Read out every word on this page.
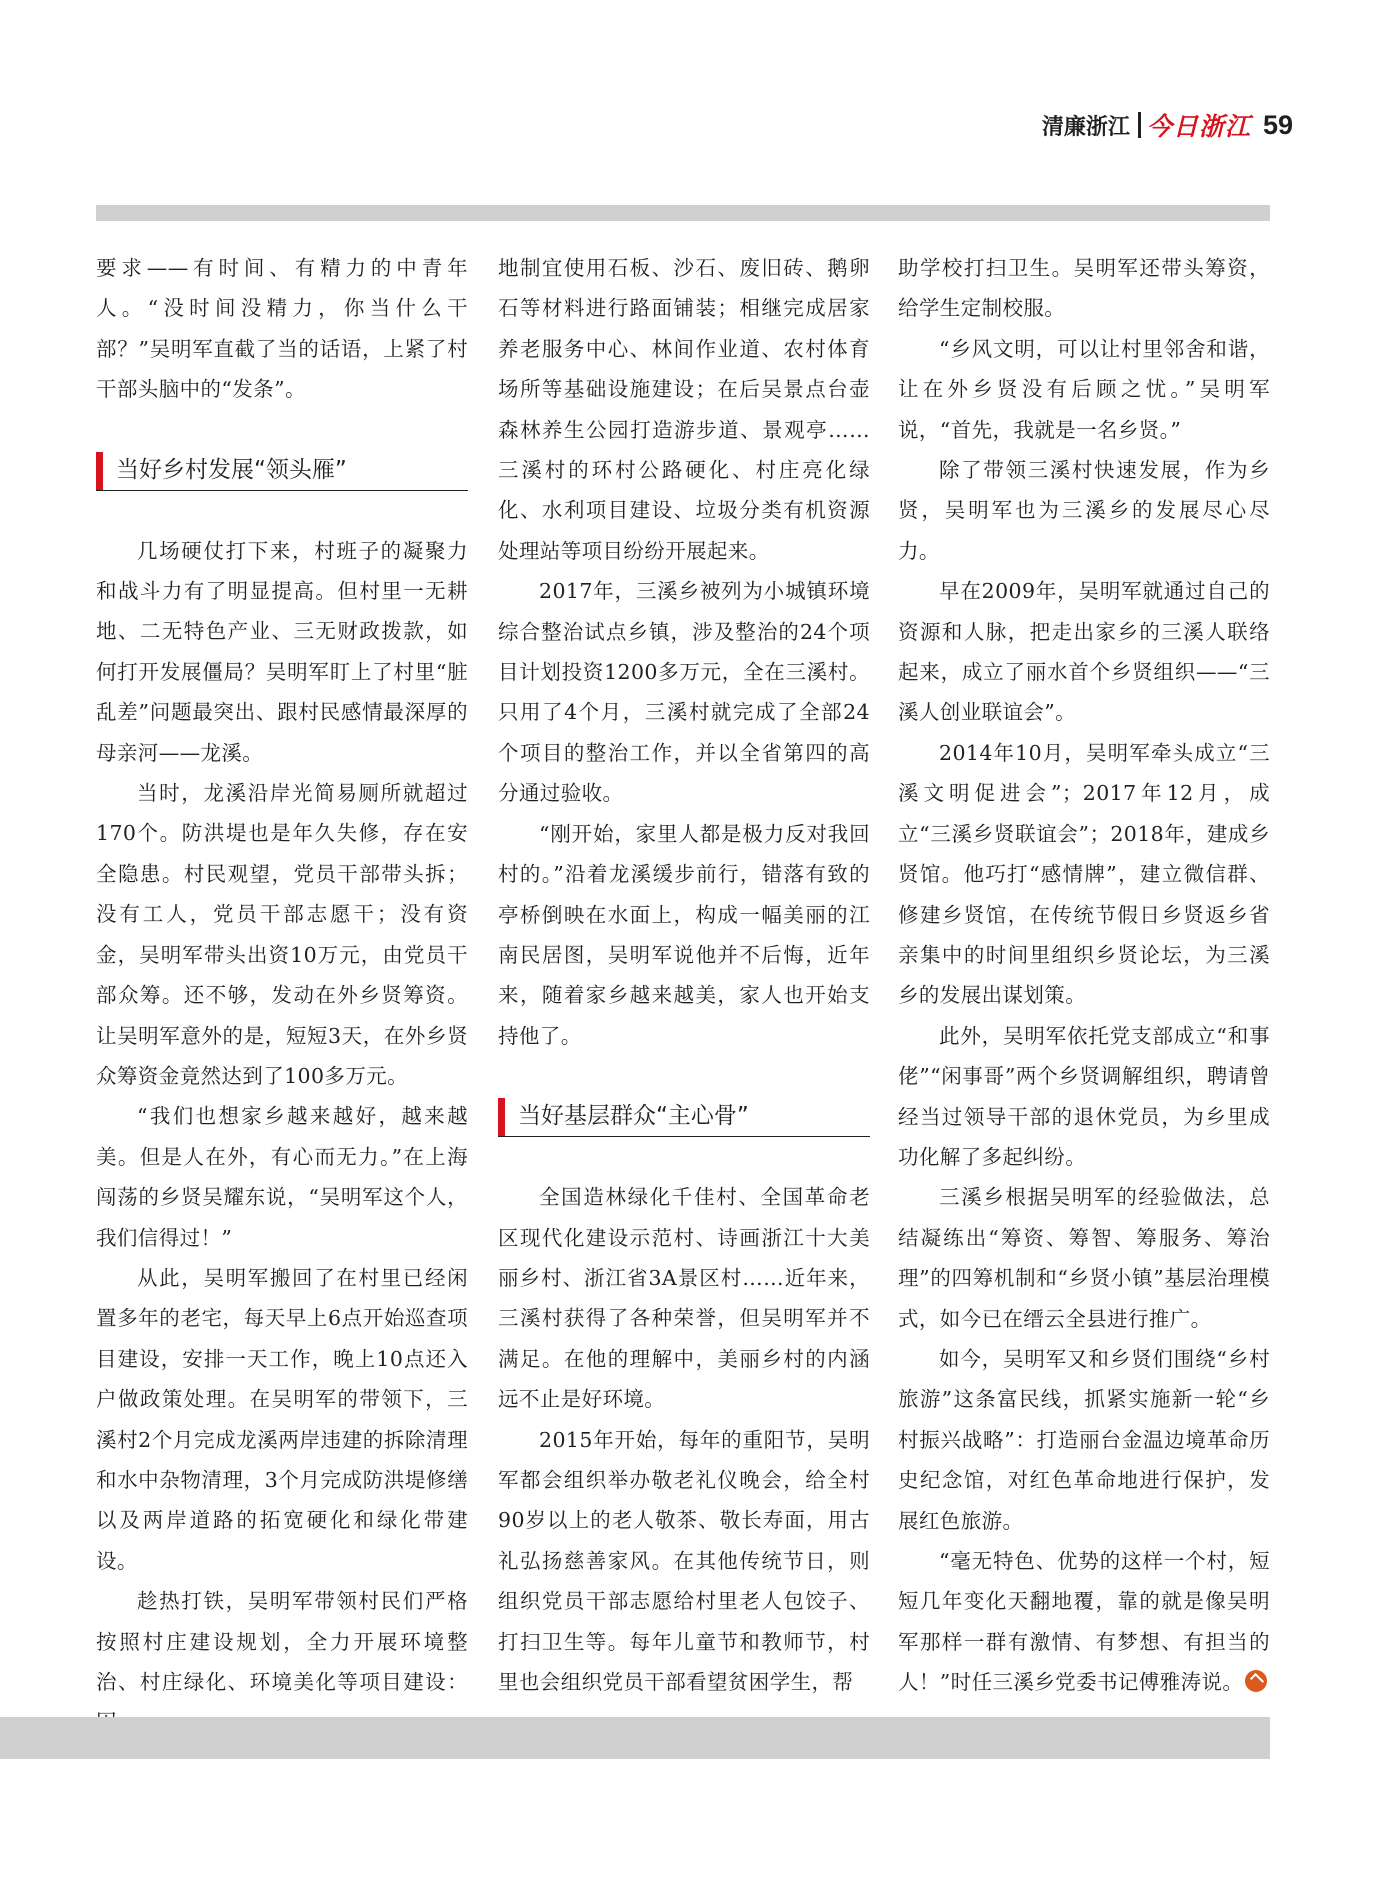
清廉浙江 今日浙江 59

要求——有时间、有精力的中青年人。“没时间没精力，你当什么干部？”吴明军直截了当的话语，上紧了村干部头脑中的“发条”。

当好乡村发展“领头雁”

几场硬仗打下来，村班子的凝聚力和战斗力有了明显提高。但村里一无耕地、二无特色产业、三无财政拨款，如何打开发展僵局？吴明军盯上了村里“脏乱差”问题最突出、跟村民感情最深厚的母亲河——龙溪。

当时，龙溪沿岸光简易厕所就超过170个。防洪堤也是年久失修，存在安全隐患。村民观望，党员干部带头拆；没有工人，党员干部志愿干；没有资金，吴明军带头出资10万元，由党员干部众筹。还不够，发动在外乡贤筹资。让吴明军意外的是，短短3天，在外乡贤众筹资金竟然达到了100多万元。

“我们也想家乡越来越好，越来越美。但是人在外，有心而无力。”在上海闯荡的乡贤吴耀东说，“吴明军这个人，我们信得过！”

从此，吴明军搬回了在村里已经闲置多年的老宅，每天早上6点开始巡查项目建设，安排一天工作，晚上10点还入户做政策处理。在吴明军的带领下，三溪村2个月完成龙溪两岸违建的拆除清理和水中杂物清理，3个月完成防洪堤修缮以及两岸道路的拓宽硬化和绿化带建设。

趁热打铁，吴明军带领村民们严格按照村庄建设规划，全力开展环境整治、村庄绿化、环境美化等项目建设：

地制宜使用石板、沙石、废旧砖、鹅卵石等材料进行路面铺装；相继完成居家养老服务中心、林间作业道、农村体育场所等基础设施建设；在后吴景点台壶森林养生公园打造游步道、景观亭……三溪村的环村公路硬化、村庄亮化绿化、水利项目建设、垃圾分类有机资源处理站等项目纷纷开展起来。

2017年，三溪乡被列为小城镇环境综合整治试点乡镇，涉及整治的24个项目计划投资1200多万元，全在三溪村。只用了4个月，三溪村就完成了全部24个项目的整治工作，并以全省第四的高分通过验收。

“刚开始，家里人都是极力反对我回村的。”沿着龙溪缓步前行，错落有致的亭桥倒映在水面上，构成一幅美丽的江南民居图，吴明军说他并不后悔，近年来，随着家乡越来越美，家人也开始支持他了。

当好基层群众“主心骨”

全国造林绿化千佳村、全国革命老区现代化建设示范村、诗画浙江十大美丽乡村、浙江省3A景区村……近年来，三溪村获得了各种荣誉，但吴明军并不满足。在他的理解中，美丽乡村的内涵远不止是好环境。

2015年开始，每年的重阳节，吴明军都会组织举办敬老礼仪晚会，给全村90岁以上的老人敬茶、敬长寿面，用古礼弘扬慈善家风。在其他传统节日，则组织党员干部志愿给村里老人包饺子、打扫卫生等。每年儿童节和教师节，村里也会组织党员干部看望贫困学生，帮

助学校打扫卫生。吴明军还带头筹资，给学生定制校服。

“乡风文明，可以让村里邻舍和谐，让在外乡贤没有后顾之忧。”吴明军说，“首先，我就是一名乡贤。”

除了带领三溪村快速发展，作为乡贤，吴明军也为三溪乡的发展尽心尽力。

早在2009年，吴明军就通过自己的资源和人脉，把走出家乡的三溪人联络起来，成立了丽水首个乡贤组织——“三溪人创业联谊会”。

2014年10月，吴明军牵头成立“三溪文明促进会”；2017年12月，成立“三溪乡贤联谊会”；2018年，建成乡贤馆。他巧打“感情牌”，建立微信群、修建乡贤馆，在传统节假日乡贤返乡省亲集中的时间里组织乡贤论坛，为三溪乡的发展出谋划策。

此外，吴明军依托党支部成立“和事佬”“闲事哥”两个乡贤调解组织，聘请曾经当过领导干部的退休党员，为乡里成功化解了多起纠纷。

三溪乡根据吴明军的经验做法，总结凝练出“筹资、筹智、筹服务、筹治理”的四筹机制和“乡贤小镇”基层治理模式，如今已在缙云全县进行推广。

如今，吴明军又和乡贤们围绕“乡村旅游”这条富民线，抓紧实施新一轮“乡村振兴战略”：打造丽台金温边境革命历史纪念馆，对红色革命地进行保护，发展红色旅游。

“毫无特色、优势的这样一个村，短短几年变化天翻地覆，靠的就是像吴明军那样一群有激情、有梦想、有担当的人！”时任三溪乡党委书记傅雅涛说。
